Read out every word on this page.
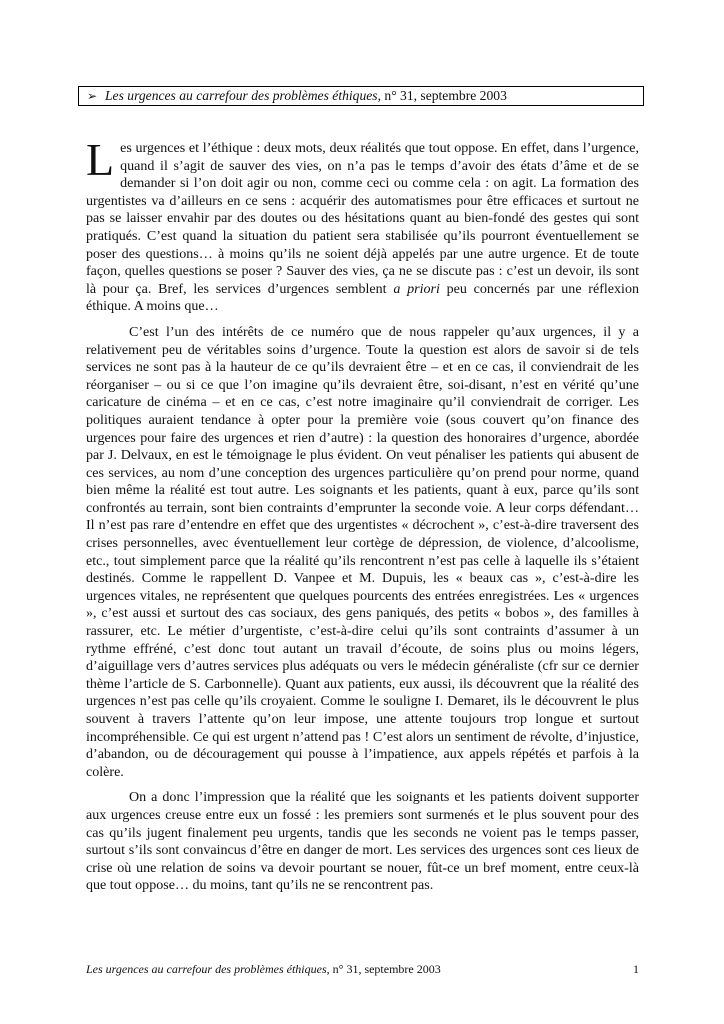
➢ Les urgences au carrefour des problèmes éthiques, n° 31, septembre 2003

Les urgences et l’éthique : deux mots, deux réalités que tout oppose. En effet, dans l’urgence, quand il s’agit de sauver des vies, on n’a pas le temps d’avoir des états d’âme et de se demander si l’on doit agir ou non, comme ceci ou comme cela : on agit. La formation des urgentistes va d’ailleurs en ce sens : acquérir des automatismes pour être efficaces et surtout ne pas se laisser envahir par des doutes ou des hésitations quant au bien-fondé des gestes qui sont pratiqués. C’est quand la situation du patient sera stabilisée qu’ils pourront éventuellement se poser des questions… à moins qu’ils ne soient déjà appelés par une autre urgence. Et de toute façon, quelles questions se poser ? Sauver des vies, ça ne se discute pas : c’est un devoir, ils sont là pour ça. Bref, les services d’urgences semblent a priori peu concernés par une réflexion éthique. A moins que…

C’est l’un des intérêts de ce numéro que de nous rappeler qu’aux urgences, il y a relativement peu de véritables soins d’urgence. Toute la question est alors de savoir si de tels services ne sont pas à la hauteur de ce qu’ils devraient être – et en ce cas, il conviendrait de les réorganiser – ou si ce que l’on imagine qu’ils devraient être, soi-disant, n’est en vérité qu’une caricature de cinéma – et en ce cas, c’est notre imaginaire qu’il conviendrait de corriger. Les politiques auraient tendance à opter pour la première voie (sous couvert qu’on finance des urgences pour faire des urgences et rien d’autre) : la question des honoraires d’urgence, abordée par J. Delvaux, en est le témoignage le plus évident. On veut pénaliser les patients qui abusent de ces services, au nom d’une conception des urgences particulière qu’on prend pour norme, quand bien même la réalité est tout autre. Les soignants et les patients, quant à eux, parce qu’ils sont confrontés au terrain, sont bien contraints d’emprunter la seconde voie. A leur corps défendant… Il n’est pas rare d’entendre en effet que des urgentistes « décrochent », c’est-à-dire traversent des crises personnelles, avec éventuellement leur cortège de dépression, de violence, d’alcoolisme, etc., tout simplement parce que la réalité qu’ils rencontrent n’est pas celle à laquelle ils s’étaient destinés. Comme le rappellent D. Vanpee et M. Dupuis, les « beaux cas », c’est-à-dire les urgences vitales, ne représentent que quelques pourcents des entrées enregistrées. Les « urgences », c’est aussi et surtout des cas sociaux, des gens paniqués, des petits « bobos », des familles à rassurer, etc. Le métier d’urgentiste, c’est-à-dire celui qu’ils sont contraints d’assumer à un rythme effréné, c’est donc tout autant un travail d’écoute, de soins plus ou moins légers, d’aiguillage vers d’autres services plus adéquats ou vers le médecin généraliste (cfr sur ce dernier thème l’article de S. Carbonnelle). Quant aux patients, eux aussi, ils découvrent que la réalité des urgences n’est pas celle qu’ils croyaient. Comme le souligne I. Demaret, ils le découvrent le plus souvent à travers l’attente qu’on leur impose, une attente toujours trop longue et surtout incompréhensible. Ce qui est urgent n’attend pas ! C’est alors un sentiment de révolte, d’injustice, d’abandon, ou de découragement qui pousse à l’impatience, aux appels répétés et parfois à la colère.

On a donc l’impression que la réalité que les soignants et les patients doivent supporter aux urgences creuse entre eux un fossé : les premiers sont surmenés et le plus souvent pour des cas qu’ils jugent finalement peu urgents, tandis que les seconds ne voient pas le temps passer, surtout s’ils sont convaincus d’être en danger de mort. Les services des urgences sont ces lieux de crise où une relation de soins va devoir pourtant se nouer, fût-ce un bref moment, entre ceux-là que tout oppose… du moins, tant qu’ils ne se rencontrent pas.

Les urgences au carrefour des problèmes éthiques, n° 31, septembre 2003	1
